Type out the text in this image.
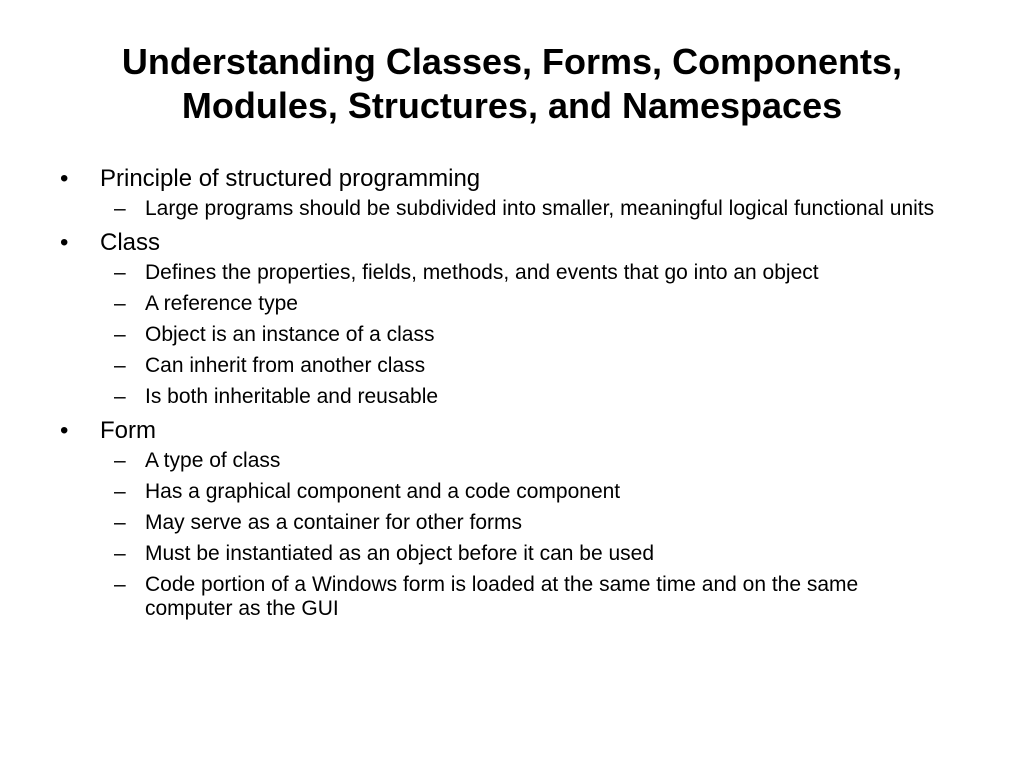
Understanding Classes, Forms, Components,
Modules, Structures, and Namespaces
•	Principle of structured programming
– Large programs should be subdivided into smaller, meaningful logical functional units
•	Class
– Defines the properties, fields, methods, and events that go into an object
– A reference type
– Object is an instance of a class
– Can inherit from another class
– Is both inheritable and reusable
•	Form
– A type of class
– Has a graphical component and a code component
– May serve as a container for other forms
– Must be instantiated as an object before it can be used
– Code portion of a Windows form is loaded at the same time and on the same computer as the GUI
